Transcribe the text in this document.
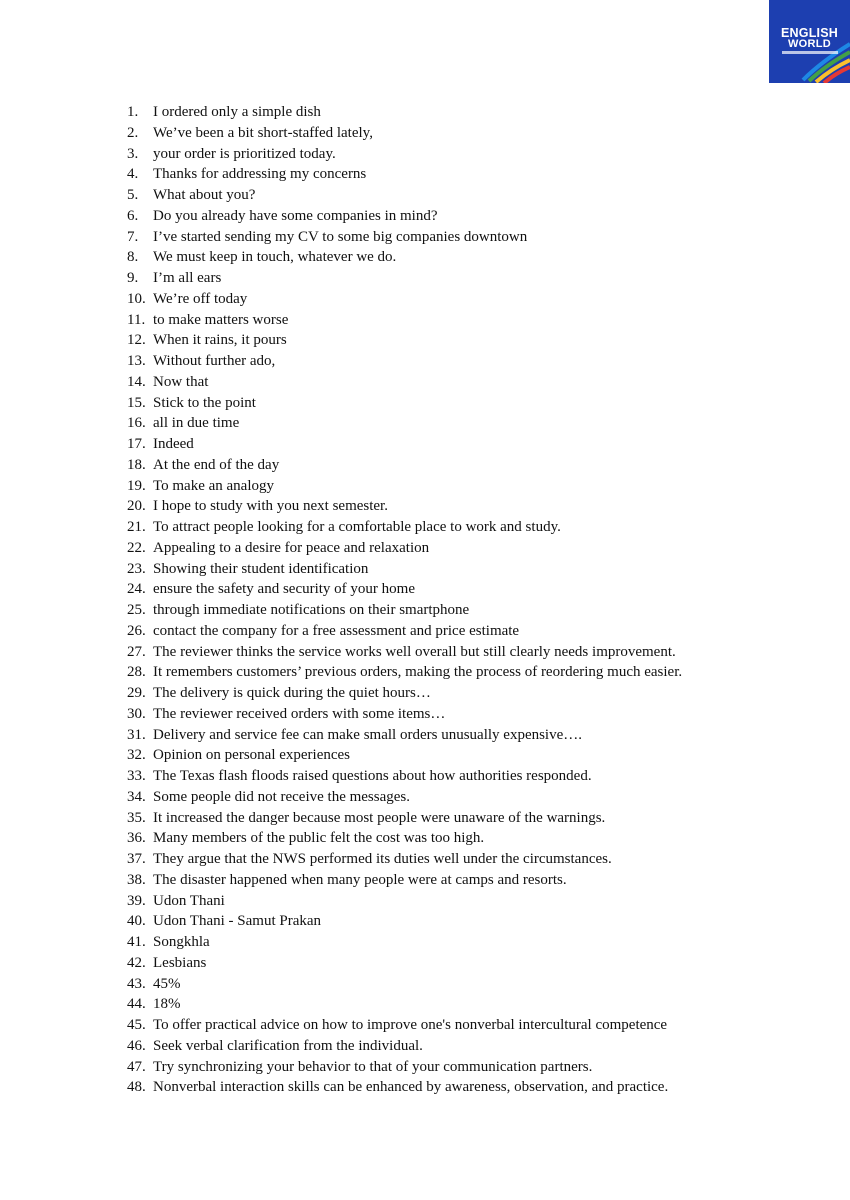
ENGLISH
WORLD
1. I ordered only a simple dish
2. We’ve been a bit short-staffed lately,
3. your order is prioritized today.
4. Thanks for addressing my concerns
5. What about you?
6. Do you already have some companies in mind?
7. I’ve started sending my CV to some big companies downtown
8. We must keep in touch, whatever we do.
9. I’m all ears
10. We’re off today
11. to make matters worse
12. When it rains, it pours
13. Without further ado,
14. Now that
15. Stick to the point
16. all in due time
17. Indeed
18. At the end of the day
19. To make an analogy
20. I hope to study with you next semester.
21. To attract people looking for a comfortable place to work and study.
22. Appealing to a desire for peace and relaxation
23. Showing their student identification
24. ensure the safety and security of your home
25. through immediate notifications on their smartphone
26. contact the company for a free assessment and price estimate
27. The reviewer thinks the service works well overall but still clearly needs improvement.
28. It remembers customers’ previous orders, making the process of reordering much easier.
29. The delivery is quick during the quiet hours…
30. The reviewer received orders with some items…
31. Delivery and service fee can make small orders unusually expensive….
32. Opinion on personal experiences
33. The Texas flash floods raised questions about how authorities responded.
34. Some people did not receive the messages.
35. It increased the danger because most people were unaware of the warnings.
36. Many members of the public felt the cost was too high.
37. They argue that the NWS performed its duties well under the circumstances.
38. The disaster happened when many people were at camps and resorts.
39. Udon Thani
40. Udon Thani - Samut Prakan
41. Songkhla
42. Lesbians
43. 45%
44. 18%
45. To offer practical advice on how to improve one's nonverbal intercultural competence
46. Seek verbal clarification from the individual.
47. Try synchronizing your behavior to that of your communication partners.
48. Nonverbal interaction skills can be enhanced by awareness, observation, and practice.
